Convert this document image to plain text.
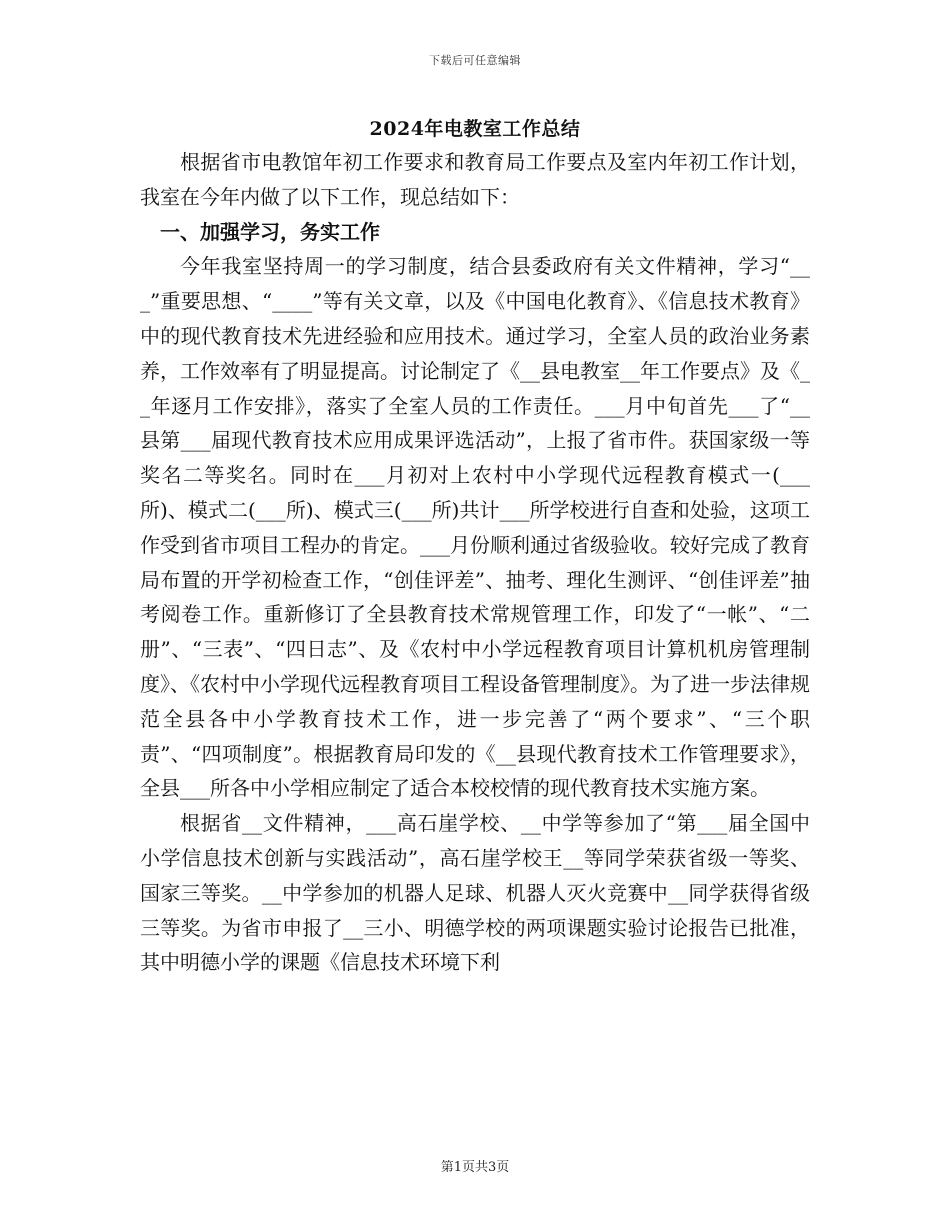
下载后可任意编辑
2024年电教室工作总结

根据省市电教馆年初工作要求和教育局工作要点及室内年初工作计划，我室在今年内做了以下工作，现总结如下：

一、加强学习，务实工作

今年我室坚持周一的学习制度，结合县委政府有关文件精神，学习“___”重要思想、“____”等有关文章，以及《中国电化教育》、《信息技术教育》中的现代教育技术先进经验和应用技术。通过学习，全室人员的政治业务素养，工作效率有了明显提高。讨论制定了《__县电教室__年工作要点》及《__年逐月工作安排》，落实了全室人员的工作责任。___月中旬首先___了“__县第___届现代教育技术应用成果评选活动”，上报了省市件。获国家级一等奖名二等奖名。同时在___月初对上农村中小学现代远程教育模式一(___所)、模式二(___所)、模式三(___所)共计___所学校进行自查和处验，这项工作受到省市项目工程办的肯定。___月份顺利通过省级验收。较好完成了教育局布置的开学初检查工作，“创佳评差”、抽考、理化生测评、“创佳评差”抽考阅卷工作。重新修订了全县教育技术常规管理工作，印发了“一帐”、“二册”、“三表”、“四日志”、及《农村中小学远程教育项目计算机机房管理制度》、《农村中小学现代远程教育项目工程设备管理制度》。为了进一步法律规范全县各中小学教育技术工作，进一步完善了“两个要求”、“三个职责”、“四项制度”。根据教育局印发的《__县现代教育技术工作管理要求》，全县___所各中小学相应制定了适合本校校情的现代教育技术实施方案。

根据省__文件精神，___高石崖学校、__中学等参加了“第___届全国中小学信息技术创新与实践活动”，高石崖学校王__等同学荣获省级一等奖、国家三等奖。__中学参加的机器人足球、机器人灭火竞赛中__同学获得省级三等奖。为省市申报了__三小、明德学校的两项课题实验讨论报告已批准，其中明德小学的课题《信息技术环境下利

第1页共3页
